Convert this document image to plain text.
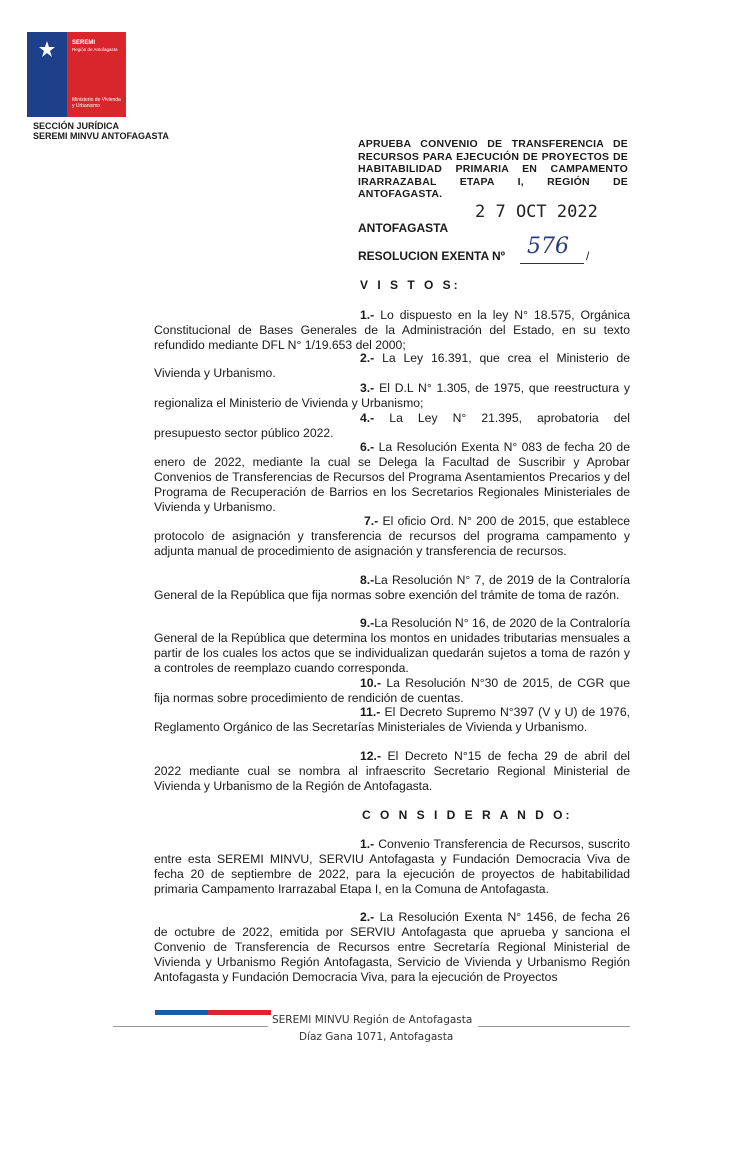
SEREMI
Región de Antofagasta
Ministerio de Vivienda y Urbanismo
SECCIÓN JURÍDICA
SEREMI MINVU ANTOFAGASTA
APRUEBA CONVENIO DE TRANSFERENCIA DE RECURSOS PARA EJECUCIÓN DE PROYECTOS DE HABITABILIDAD PRIMARIA EN CAMPAMENTO IRARRAZABAL ETAPA I, REGIÓN DE ANTOFAGASTA.
2 7 OCT 2022
ANTOFAGASTA
RESOLUCION EXENTA Nº 576 /
V I S T O S:
1.- Lo dispuesto en la ley N° 18.575, Orgánica Constitucional de Bases Generales de la Administración del Estado, en su texto refundido mediante DFL N° 1/19.653 del 2000;
2.- La Ley 16.391, que crea el Ministerio de Vivienda y Urbanismo.
3.- El D.L N° 1.305, de 1975, que reestructura y regionaliza el Ministerio de Vivienda y Urbanismo;
4.- La Ley N° 21.395, aprobatoria del presupuesto sector público 2022.
6.- La Resolución Exenta N° 083 de fecha 20 de enero de 2022, mediante la cual se Delega la Facultad de Suscribir y Aprobar Convenios de Transferencias de Recursos del Programa Asentamientos Precarios y del Programa de Recuperación de Barrios en los Secretarios Regionales Ministeriales de Vivienda y Urbanismo.
7.- El oficio Ord. N° 200 de 2015, que establece protocolo de asignación y transferencia de recursos del programa campamento y adjunta manual de procedimiento de asignación y transferencia de recursos.
8.-La Resolución N° 7, de 2019 de la Contraloría General de la República que fija normas sobre exención del trámite de toma de razón.
9.-La Resolución N° 16, de 2020 de la Contraloría General de la República que determina los montos en unidades tributarias mensuales a partir de los cuales los actos que se individualizan quedarán sujetos a toma de razón y a controles de reemplazo cuando corresponda.
10.- La Resolución N°30 de 2015, de CGR que fija normas sobre procedimiento de rendición de cuentas.
11.- El Decreto Supremo N°397 (V y U) de 1976, Reglamento Orgánico de las Secretarías Ministeriales de Vivienda y Urbanismo.
12.- El Decreto N°15 de fecha 29 de abril del 2022 mediante cual se nombra al infraescrito Secretario Regional Ministerial de Vivienda y Urbanismo de la Región de Antofagasta.
C O N S I D E R A N D O:
1.- Convenio Transferencia de Recursos, suscrito entre esta SEREMI MINVU, SERVIU Antofagasta y Fundación Democracia Viva de fecha 20 de septiembre de 2022, para la ejecución de proyectos de habitabilidad primaria Campamento Irarrazabal Etapa I, en la Comuna de Antofagasta.
2.- La Resolución Exenta N° 1456, de fecha 26 de octubre de 2022, emitida por SERVIU Antofagasta que aprueba y sanciona el Convenio de Transferencia de Recursos entre Secretaría Regional Ministerial de Vivienda y Urbanismo Región Antofagasta, Servicio de Vivienda y Urbanismo Región Antofagasta y Fundación Democracia Viva, para la ejecución de Proyectos
SEREMI MINVU Región de Antofagasta
Díaz Gana 1071, Antofagasta
